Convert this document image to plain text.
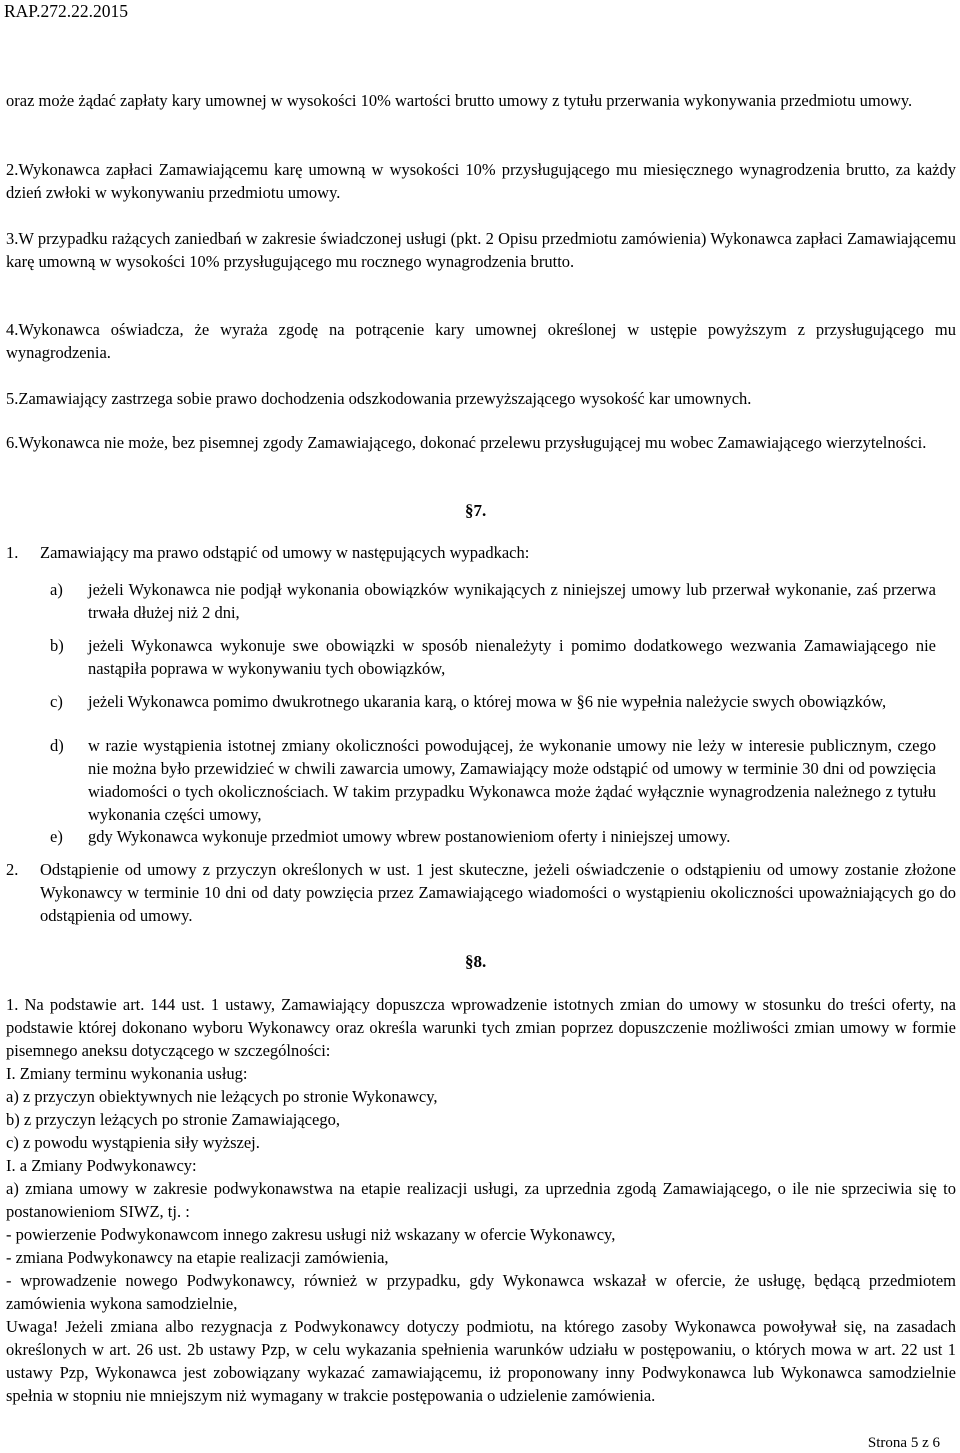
RAP.272.22.2015
oraz może żądać zapłaty kary umownej w wysokości 10% wartości brutto umowy z tytułu przerwania wykonywania przedmiotu umowy.
2.Wykonawca zapłaci Zamawiającemu karę umowną w wysokości 10% przysługującego mu miesięcznego wynagrodzenia brutto, za każdy dzień zwłoki w wykonywaniu przedmiotu umowy.
3.W przypadku rażących zaniedbań w zakresie świadczonej usługi (pkt. 2 Opisu przedmiotu zamówienia) Wykonawca zapłaci Zamawiającemu karę umowną w wysokości 10% przysługującego mu rocznego wynagrodzenia brutto.
4.Wykonawca oświadcza, że wyraża zgodę na potrącenie kary umownej określonej w ustępie powyższym z przysługującego mu wynagrodzenia.
5.Zamawiający zastrzega sobie prawo dochodzenia odszkodowania przewyższającego wysokość kar umownych.
6.Wykonawca nie może, bez pisemnej zgody Zamawiającego, dokonać przelewu przysługującej mu wobec Zamawiającego wierzytelności.
§7.
1. Zamawiający ma prawo odstąpić od umowy w następujących wypadkach:
a) jeżeli Wykonawca nie podjął wykonania obowiązków wynikających z niniejszej umowy lub przerwał wykonanie, zaś przerwa trwała dłużej niż 2 dni,
b) jeżeli Wykonawca wykonuje swe obowiązki w sposób nienależyty i pomimo dodatkowego wezwania Zamawiającego nie nastąpiła poprawa w wykonywaniu tych obowiązków,
c) jeżeli Wykonawca pomimo dwukrotnego ukarania karą, o której mowa w §6 nie wypełnia należycie swych obowiązków,
d) w razie wystąpienia istotnej zmiany okoliczności powodującej, że wykonanie umowy nie leży w interesie publicznym, czego nie można było przewidzieć w chwili zawarcia umowy, Zamawiający może odstąpić od umowy w terminie 30 dni od powzięcia wiadomości o tych okolicznościach. W takim przypadku Wykonawca może żądać wyłącznie wynagrodzenia należnego z tytułu wykonania części umowy,
e) gdy Wykonawca wykonuje przedmiot umowy wbrew postanowieniom oferty i niniejszej umowy.
2. Odstąpienie od umowy z przyczyn określonych w ust. 1 jest skuteczne, jeżeli oświadczenie o odstąpieniu od umowy zostanie złożone Wykonawcy w terminie 10 dni od daty powzięcia przez Zamawiającego wiadomości o wystąpieniu okoliczności upoważniających go do odstąpienia od umowy.
§8.

1. Na podstawie art. 144 ust. 1 ustawy, Zamawiający dopuszcza wprowadzenie istotnych zmian do umowy w stosunku do treści oferty, na podstawie której dokonano wyboru Wykonawcy oraz określa warunki tych zmian poprzez dopuszczenie możliwości zmian umowy w formie pisemnego aneksu dotyczącego w szczególności:

I. Zmiany terminu wykonania usług:

a) z przyczyn obiektywnych nie leżących po stronie Wykonawcy,

b) z przyczyn leżących po stronie Zamawiającego,

c) z powodu wystąpienia siły wyższej.

I. a Zmiany Podwykonawcy:

a) zmiana umowy w zakresie podwykonawstwa na etapie realizacji usługi, za uprzednia zgodą Zamawiającego, o ile nie sprzeciwia się to postanowieniom SIWZ, tj. :

- powierzenie Podwykonawcom innego zakresu usługi niż wskazany w ofercie Wykonawcy,

- zmiana Podwykonawcy na etapie realizacji zamówienia,

- wprowadzenie nowego Podwykonawcy, również w przypadku, gdy Wykonawca wskazał w ofercie, że usługę, będącą przedmiotem zamówienia wykona samodzielnie,

Uwaga! Jeżeli zmiana albo rezygnacja z Podwykonawcy dotyczy podmiotu, na którego zasoby Wykonawca powoływał się, na zasadach określonych w art. 26 ust. 2b ustawy Pzp, w celu wykazania spełnienia warunków udziału w postępowaniu, o których mowa w art. 22 ust 1 ustawy Pzp, Wykonawca jest zobowiązany wykazać zamawiającemu, iż proponowany inny Podwykonawca lub Wykonawca samodzielnie spełnia w stopniu nie mniejszym niż wymagany w trakcie postępowania o udzielenie zamówienia.

Strona 5 z 6
